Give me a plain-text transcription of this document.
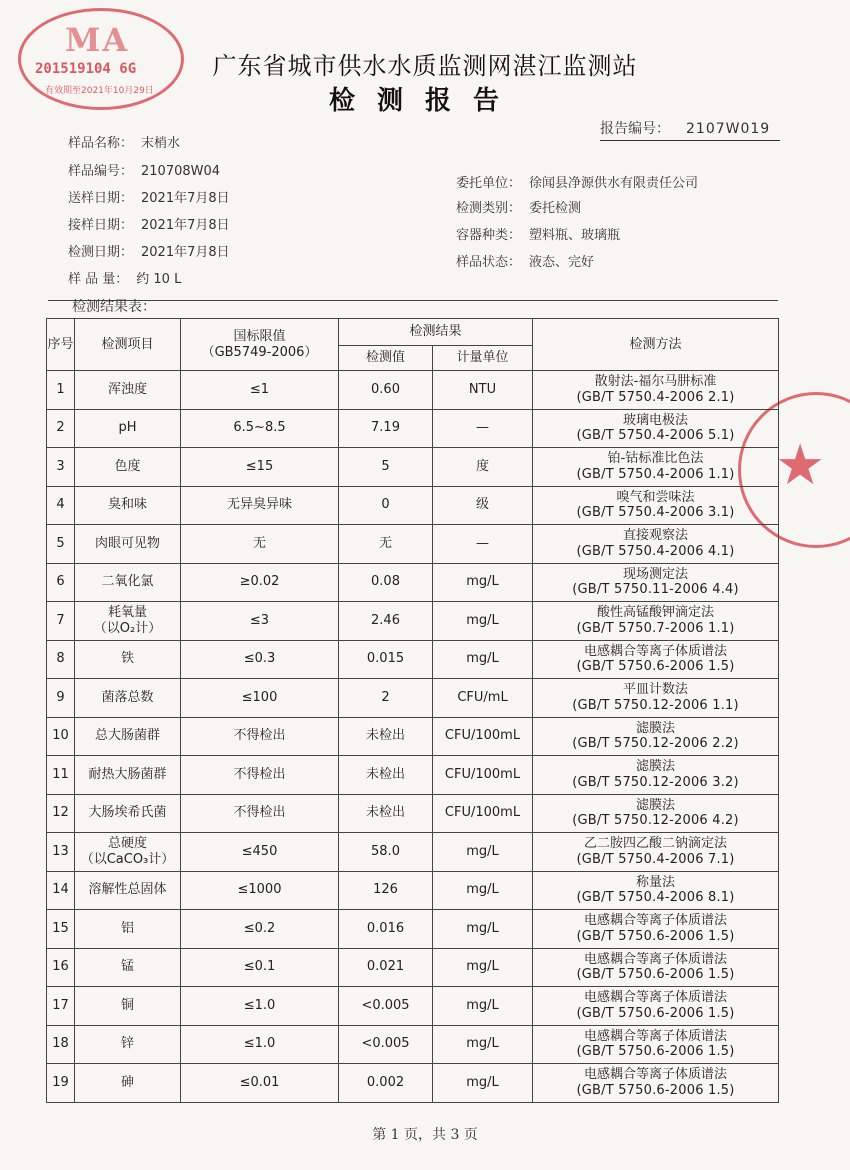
MA
201519104 6G
有效期至2021年10月29日
★
广东省城市供水水质监测网湛江监测站
检测报告
报告编号： 2107W019
样品名称： 末梢水
样品编号： 210708W04
送样日期： 2021年7月8日
接样日期： 2021年7月8日
检测日期： 2021年7月8日
样 品 量： 约 10 L
委托单位： 徐闻县净源供水有限责任公司
检测类别： 委托检测
容器种类： 塑料瓶、玻璃瓶
样品状态： 液态、完好
检测结果表：
序号	检测项目	国标限值
（GB5749-2006）	检测结果		检测方法
			检测值	计量单位	
1	浑浊度	≤1	0.60	NTU	散射法-福尔马肼标准
(GB/T 5750.4-2006 2.1)

2	pH	6.5~8.5	7.19	—	玻璃电极法
(GB/T 5750.4-2006 5.1)

3	色度	≤15	5	度	铂-钴标准比色法
(GB/T 5750.4-2006 1.1)

4	臭和味	无异臭异味	0	级	嗅气和尝味法
(GB/T 5750.4-2006 3.1)

5	肉眼可见物	无	无	—	直接观察法
(GB/T 5750.4-2006 4.1)

6	二氧化氯	≥0.02	0.08	mg/L	现场测定法
(GB/T 5750.11-2006 4.4)

7	耗氧量
（以O₂计）	≤3	2.46	mg/L	酸性高锰酸钾滴定法
(GB/T 5750.7-2006 1.1)

8	铁	≤0.3	0.015	mg/L	电感耦合等离子体质谱法
(GB/T 5750.6-2006 1.5)

9	菌落总数	≤100	2	CFU/mL	平皿计数法
(GB/T 5750.12-2006 1.1)

10	总大肠菌群	不得检出	未检出	CFU/100mL	滤膜法
(GB/T 5750.12-2006 2.2)

11	耐热大肠菌群	不得检出	未检出	CFU/100mL	滤膜法
(GB/T 5750.12-2006 3.2)

12	大肠埃希氏菌	不得检出	未检出	CFU/100mL	滤膜法
(GB/T 5750.12-2006 4.2)

13	总硬度
（以CaCO₃计）	≤450	58.0	mg/L	乙二胺四乙酸二钠滴定法
(GB/T 5750.4-2006 7.1)

14	溶解性总固体	≤1000	126	mg/L	称量法
(GB/T 5750.4-2006 8.1)

15	铝	≤0.2	0.016	mg/L	电感耦合等离子体质谱法
(GB/T 5750.6-2006 1.5)

16	锰	≤0.1	0.021	mg/L	电感耦合等离子体质谱法
(GB/T 5750.6-2006 1.5)

17	铜	≤1.0	<0.005	mg/L	电感耦合等离子体质谱法
(GB/T 5750.6-2006 1.5)

18	锌	≤1.0	<0.005	mg/L	电感耦合等离子体质谱法
(GB/T 5750.6-2006 1.5)

19	砷	≤0.01	0.002	mg/L	电感耦合等离子体质谱法
(GB/T 5750.6-2006 1.5)
第 1 页，共 3 页
